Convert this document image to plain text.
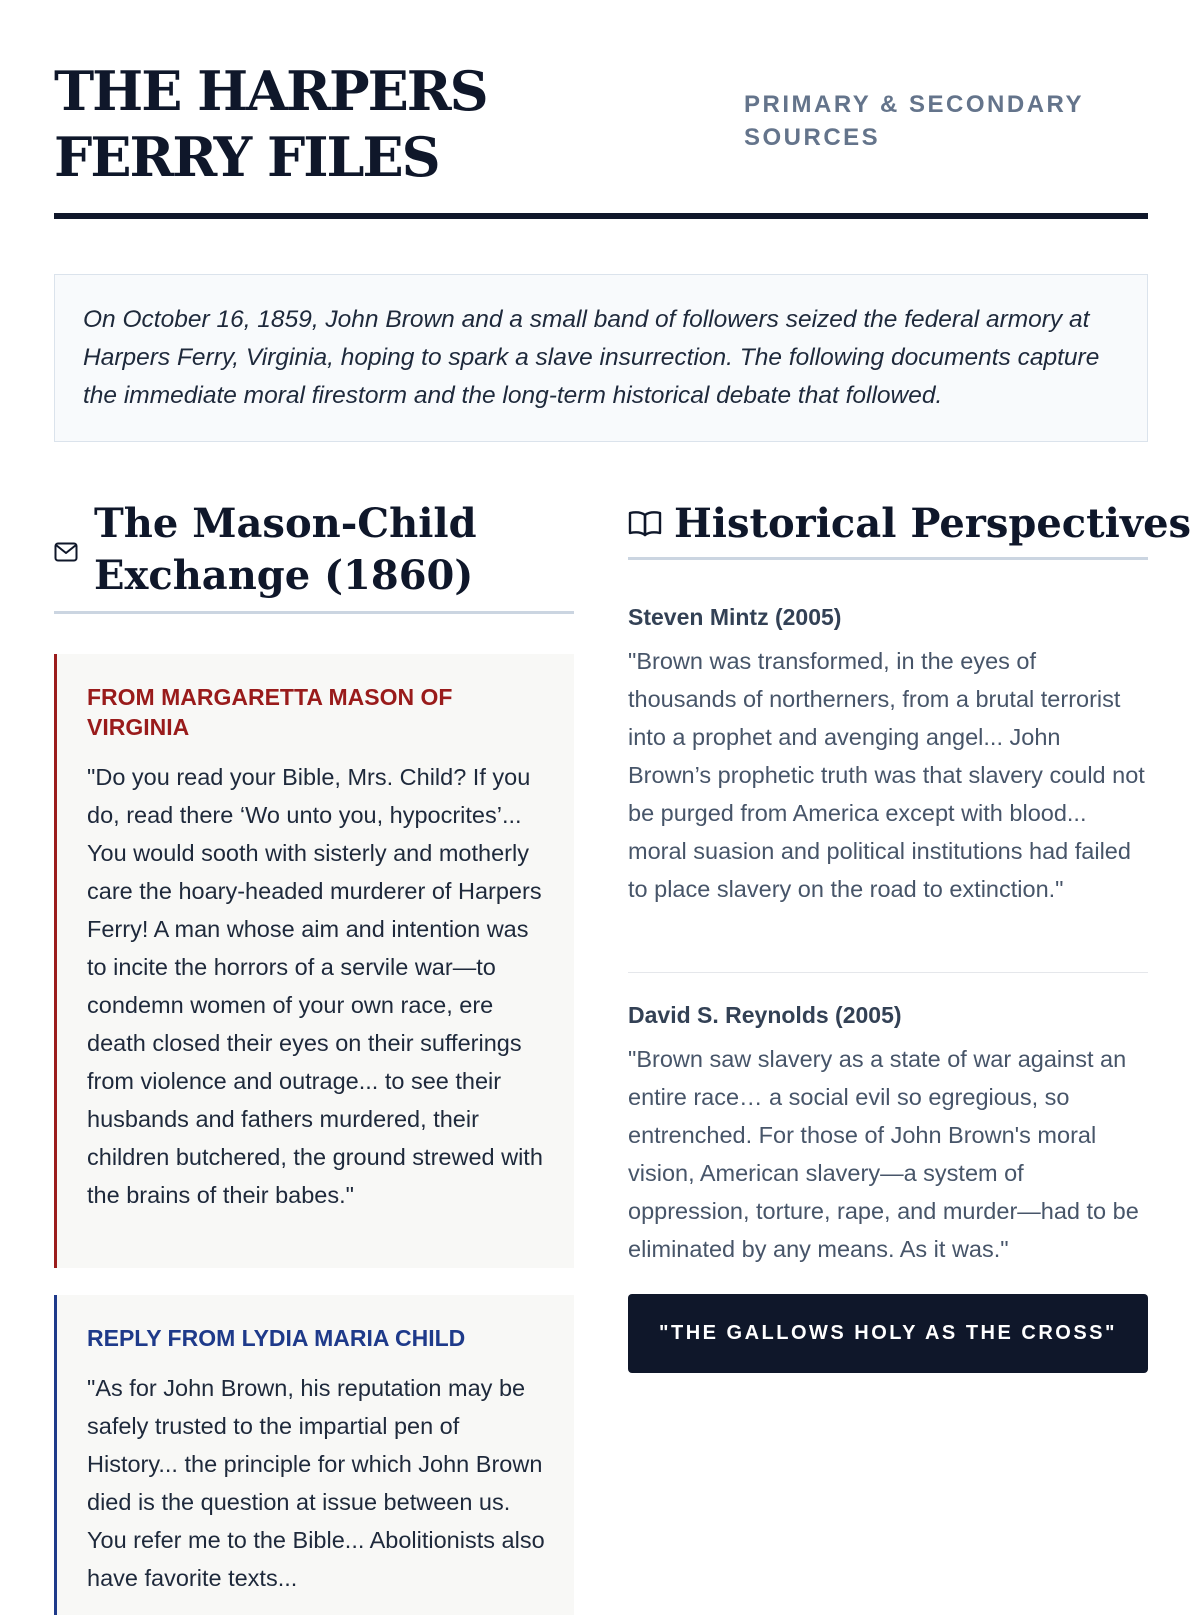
THE HARPERS FERRY FILES
PRIMARY & SECONDARY SOURCES
On October 16, 1859, John Brown and a small band of followers seized the federal armory at Harpers Ferry, Virginia, hoping to spark a slave insurrection. The following documents capture the immediate moral firestorm and the long-term historical debate that followed.
The Mason-Child Exchange (1860)
Historical Perspectives
FROM MARGARETTA MASON OF VIRGINIA
"Do you read your Bible, Mrs. Child? If you do, read there ‘Wo unto you, hypocrites’... You would sooth with sisterly and motherly care the hoary-headed murderer of Harpers Ferry! A man whose aim and intention was to incite the horrors of a servile war—to condemn women of your own race, ere death closed their eyes on their sufferings from violence and outrage... to see their husbands and fathers murdered, their children butchered, the ground strewed with the brains of their babes."
REPLY FROM LYDIA MARIA CHILD
"As for John Brown, his reputation may be safely trusted to the impartial pen of History... the principle for which John Brown died is the question at issue between us. You refer me to the Bible... Abolitionists also have favorite texts...
Steven Mintz (2005)
"Brown was transformed, in the eyes of thousands of northerners, from a brutal terrorist into a prophet and avenging angel... John Brown’s prophetic truth was that slavery could not be purged from America except with blood... moral suasion and political institutions had failed to place slavery on the road to extinction."
David S. Reynolds (2005)
"Brown saw slavery as a state of war against an entire race… a social evil so egregious, so entrenched. For those of John Brown's moral vision, American slavery—a system of oppression, torture, rape, and murder—had to be eliminated by any means. As it was."
"THE GALLOWS HOLY AS THE CROSS"
